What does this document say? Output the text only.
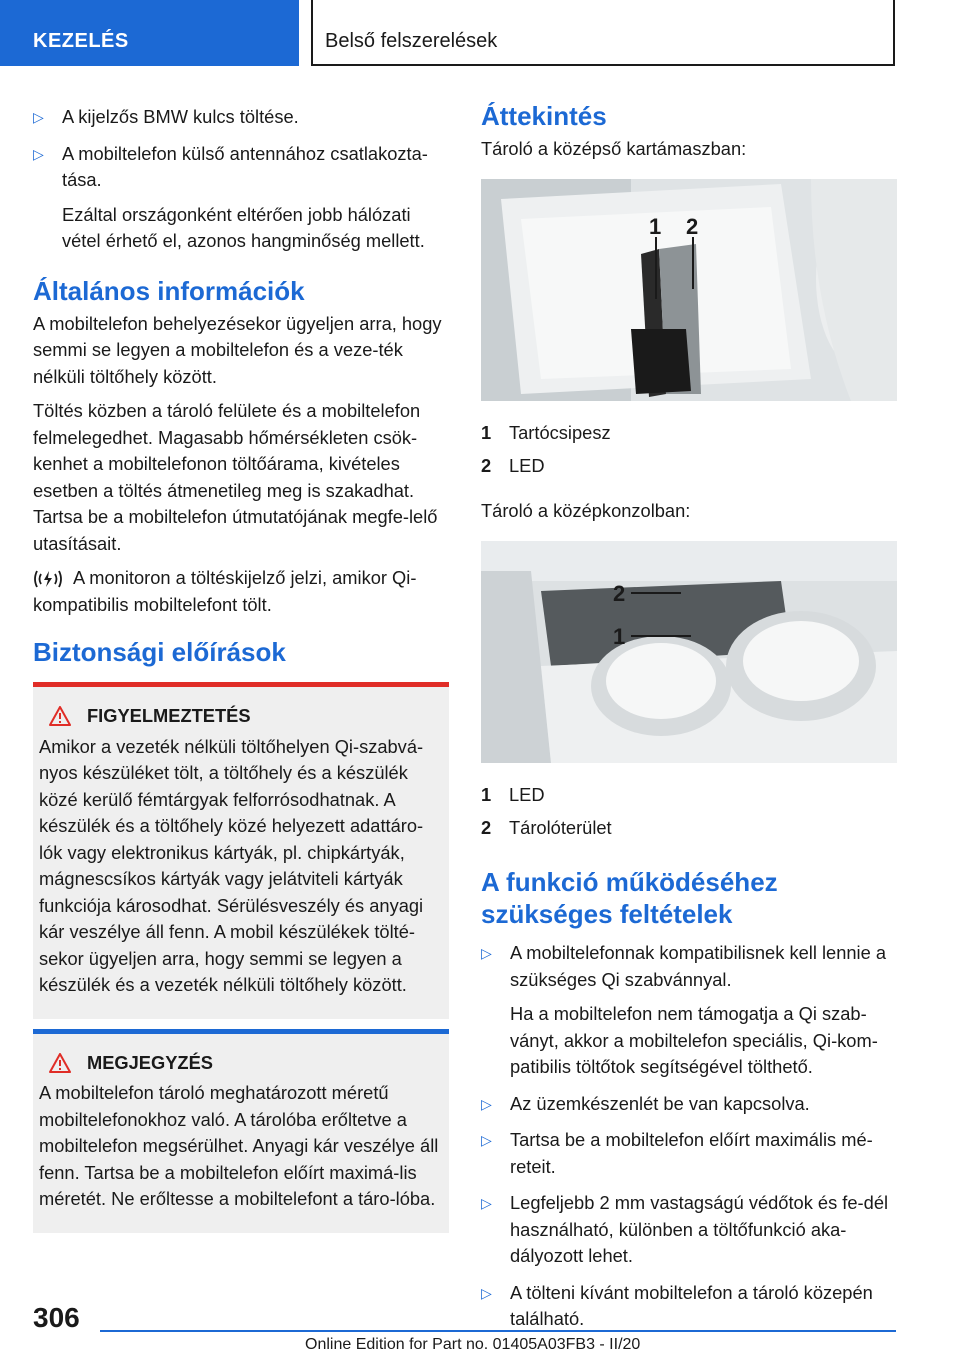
KEZELÉS	Belső felszerelések
▷ A kijelzős BMW kulcs töltése.

▷ A mobiltelefon külső antennához csatlakozta-tása.

Ezáltal országonként eltérően jobb hálózati vétel érhető el, azonos hangminőség mellett.

Általános információk

A mobiltelefon behelyezésekor ügyeljen arra, hogy semmi se legyen a mobiltelefon és a veze-ték nélküli töltőhely között.

Töltés közben a tároló felülete és a mobiltelefon felmelegedhet. Magasabb hőmérsékleten csök-kenhet a mobiltelefonon töltőárama, kivételes esetben a töltés átmenetileg meg is szakadhat. Tartsa be a mobiltelefon útmutatójának megfe-lelő utasításait.

A monitoron a töltéskijelző jelzi, amikor Qi-kompatibilis mobiltelefont tölt.

Biztonsági előírások
FIGYELMEZTETÉS

Amikor a vezeték nélküli töltőhelyen Qi-szabvá-nyos készüléket tölt, a töltőhely és a készülék közé kerülő fémtárgyak felforrósodhatnak. A készülék és a töltőhely közé helyezett adattáro-lók vagy elektronikus kártyák, pl. chipkártyák, mágnescsíkos kártyák vagy jelátviteli kártyák funkciója károsodhat. Sérülésveszély és anyagi kár veszélye áll fenn. A mobil készülékek tölté-sekor ügyeljen arra, hogy semmi se legyen a készülék és a vezeték nélküli töltőhely között.

MEGJEGYZÉS

A mobiltelefon tároló meghatározott méretű mobiltelefonokhoz való. A tárolóba erőltetve a mobiltelefon megsérülhet. Anyagi kár veszélye áll fenn. Tartsa be a mobiltelefon előírt maximá-lis méretét. Ne erőltesse a mobiltelefont a táro-lóba.

Áttekintés

Tároló a középső kartámaszban:

1 2
1 Tartócsipesz
2 LED

Tároló a középkonzolban:

2
1
1 LED
2 Tárolóterület
A funkció működéséhez
szükséges feltételek
▷ A mobiltelefonnak kompatibilisnek kell lennie a szükséges Qi szabvánnyal.

Ha a mobiltelefon nem támogatja a Qi szab-ványt, akkor a mobiltelefon speciális, Qi-kom-patibilis töltőtok segítségével tölthető.

▷ Az üzemkészenlét be van kapcsolva.

▷ Tartsa be a mobiltelefon előírt maximális mé-reteit.

▷ Legfeljebb 2 mm vastagságú védőtok és fe-dél használható, különben a töltőfunkció aka-dályozott lehet.

▷ A tölteni kívánt mobiltelefon a tároló közepén található.

306
Online Edition for Part no. 01405A03FB3 - II/20
